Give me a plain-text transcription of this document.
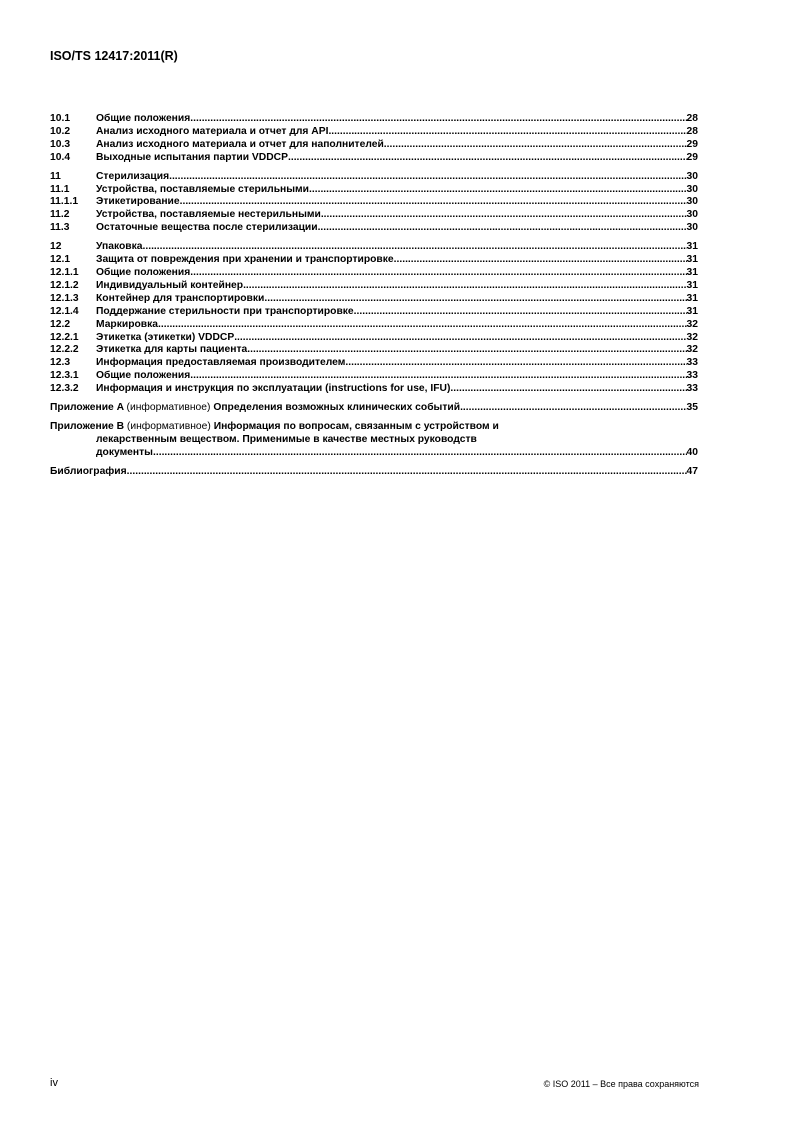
ISO/TS 12417:2011(R)
10.1	Общие положения .....	28
10.2	Анализ исходного материала и отчет для API .....	28
10.3	Анализ исходного материала и отчет для наполнителей .....	29
10.4	Выходные испытания партии VDDCP .....	29
11	Стерилизация .....	30
11.1	Устройства, поставляемые стерильными .....	30
11.1.1	Этикетирование .....	30
11.2	Устройства, поставляемые нестерильными .....	30
11.3	Остаточные вещества после стерилизации .....	30
12	Упаковка .....	31
12.1	Защита от повреждения при хранении и транспортировке .....	31
12.1.1	Общие положения .....	31
12.1.2	Индивидуальный контейнер .....	31
12.1.3	Контейнер для транспортировки .....	31
12.1.4	Поддержание стерильности при транспортировке .....	31
12.2	Маркировка .....	32
12.2.1	Этикетка (этикетки) VDDCP .....	32
12.2.2	Этикетка для карты пациента .....	32
12.3	Информация предоставляемая производителем .....	33
12.3.1	Общие положения .....	33
12.3.2	Информация и инструкция по эксплуатации (instructions for use, IFU) .....	33
Приложение A (информативное) Определения возможных клинических событий .....	35
Приложение B (информативное) Информация по вопросам, связанным с устройством и
лекарственным веществом. Применимые в качестве местных руководств
документы .....	40
Библиография .....	47
iv	© ISO 2011 – Все права сохраняются
